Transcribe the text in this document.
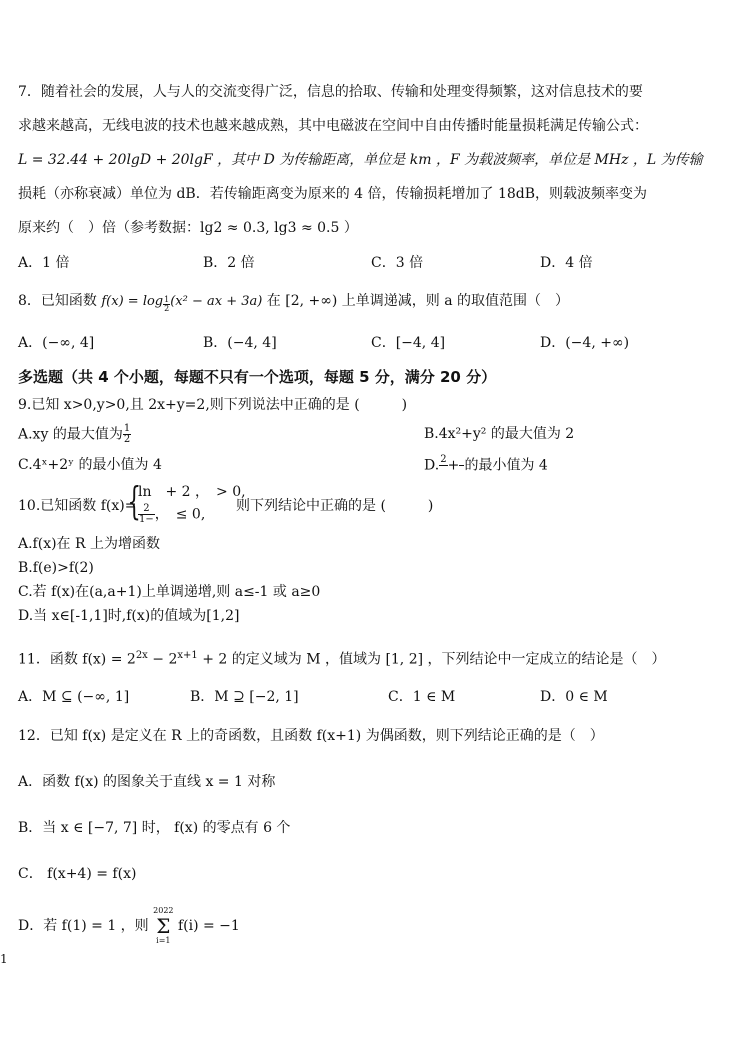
7．随着社会的发展，人与人的交流变得广泛，信息的拾取、传输和处理变得频繁，这对信息技术的要
求越来越高，无线电波的技术也越来越成熟，其中电磁波在空间中自由传播时能量损耗满足传输公式：
L = 32.44 + 20lgD + 20lgF ，其中 D 为传输距离，单位是 km ，F 为载波频率，单位是 MHz ，L 为传输
损耗（亦称衰减）单位为 dB．若传输距离变为原来的 4 倍，传输损耗增加了 18dB，则载波频率变为
原来约（　）倍（参考数据：lg2 ≈ 0.3, lg3 ≈ 0.5 ）
A．1 倍	B．2 倍	C．3 倍	D．4 倍
8．已知函数 $f(x) = \log \frac{1}{2} (x^2$ − ax + 3a) 在 [2, +∞) 上单调递减，则 a 的取值范围（　）
A．(−∞, 4]	B．(−4, 4]	C．[−4, 4]	D．(−4, +∞)
多选题（共 4 个小题，每题不只有一个选项，每题 5 分，满分 20 分）
9.已知 x>0,y>0,且 2x+y=2,则下列说法中正确的是 (　　　)
A.xy 的最大值为 $\frac{1}{2}$	B.4x²+y² 的最大值为 2
C.4ˣ+2ʸ 的最小值为 4	D. 2
+

的最小值为 4
10.已知函数 f(x)=
{
ln　+ 2 ，　> 0,
$\frac{2}{1-}$ ，　≤ 0,
则下列结论中正确的是 (　　　)
A.f(x)在 R 上为增函数
B.f(e)>f(2)
C.若 f(x)在(a,a+1)上单调递增,则 a≤-1 或 a≥0
D.当 x∈[-1,1]时,f(x)的值域为[1,2]
11．函数 $f(x) = 2^{2x} - 2^{x+1} + 2$ 的定义域为 M ，值域为 [1, 2] ，下列结论中一定成立的结论是（　）
A．M ⊆ (−∞, 1]	B．M ⊇ [−2, 1]	C．1 ∈ M	D．0 ∈ M
12．已知 f(x) 是定义在 R 上的奇函数，且函数 f(x+1) 为偶函数，则下列结论正确的是（　）
A．函数 f(x) 的图象关于直线 x = 1 对称
B．当 x ∈ [−7, 7] 时， f(x) 的零点有 6 个
C． f(x+4) = f(x)
D．若 f(1) = 1 ，则
2022
Σ
i=1
f(i) = −1
1
